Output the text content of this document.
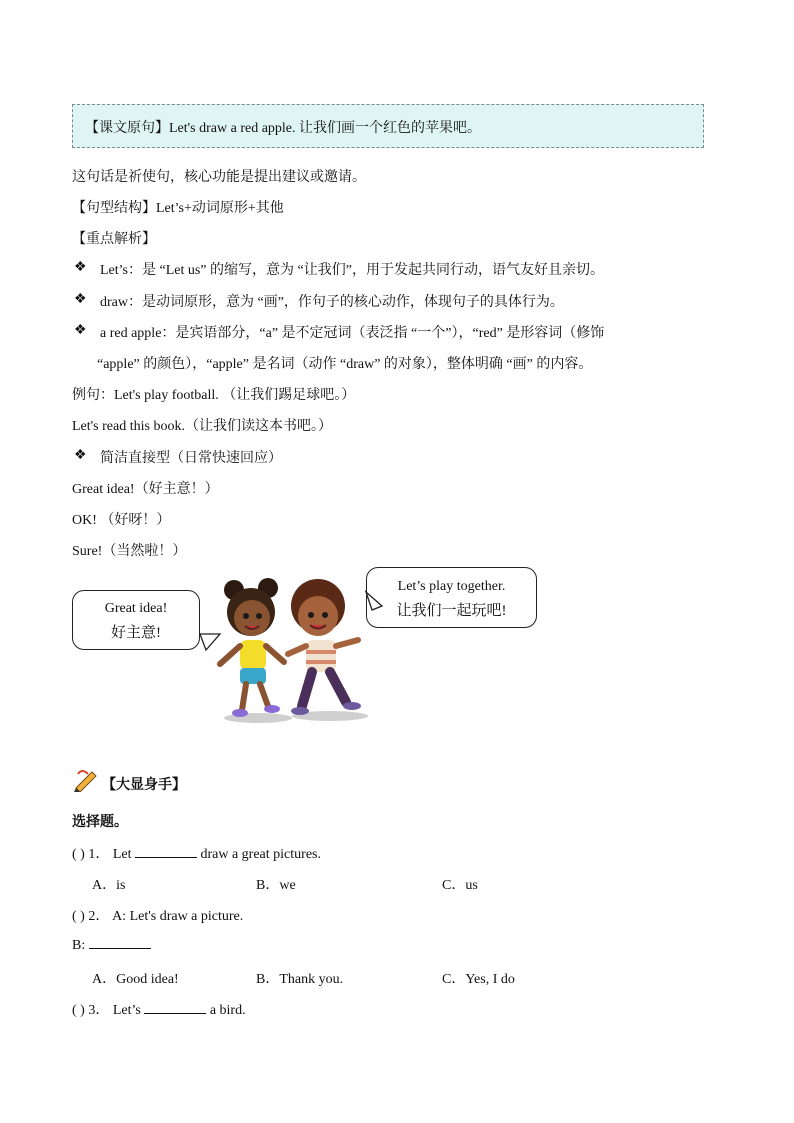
【课文原句】Let's draw a red apple. 让我们画一个红色的苹果吧。
这句话是祈使句，核心功能是提出建议或邀请。
【句型结构】Let’s+动词原形+其他
【重点解析】
❖ Let’s：是 “Let us” 的缩写，意为 “让我们”，用于发起共同行动，语气友好且亲切。
❖ draw：是动词原形，意为 “画”，作句子的核心动作，体现句子的具体行为。
❖ a red apple：是宾语部分，“a” 是不定冠词（表泛指 “一个”），“red” 是形容词（修饰
“apple” 的颜色），“apple” 是名词（动作 “draw” 的对象），整体明确 “画” 的内容。
例句：Let's play football. （让我们踢足球吧。）
Let's read this book.（让我们读这本书吧。）
❖ 简洁直接型（日常快速回应）
Great idea!（好主意！）
OK! （好呀！）
Sure!（当然啦！）
Great idea!
好主意!
Let’s play together.
让我们一起玩吧!
【大显身手】
选择题。
( ) 1． Let	draw a great pictures.
A．is	B．we	C．us
( ) 2． A: Let's draw a picture.
B:
A．Good idea!	B．Thank you.	C．Yes, I do
( ) 3． Let’s	a bird.
